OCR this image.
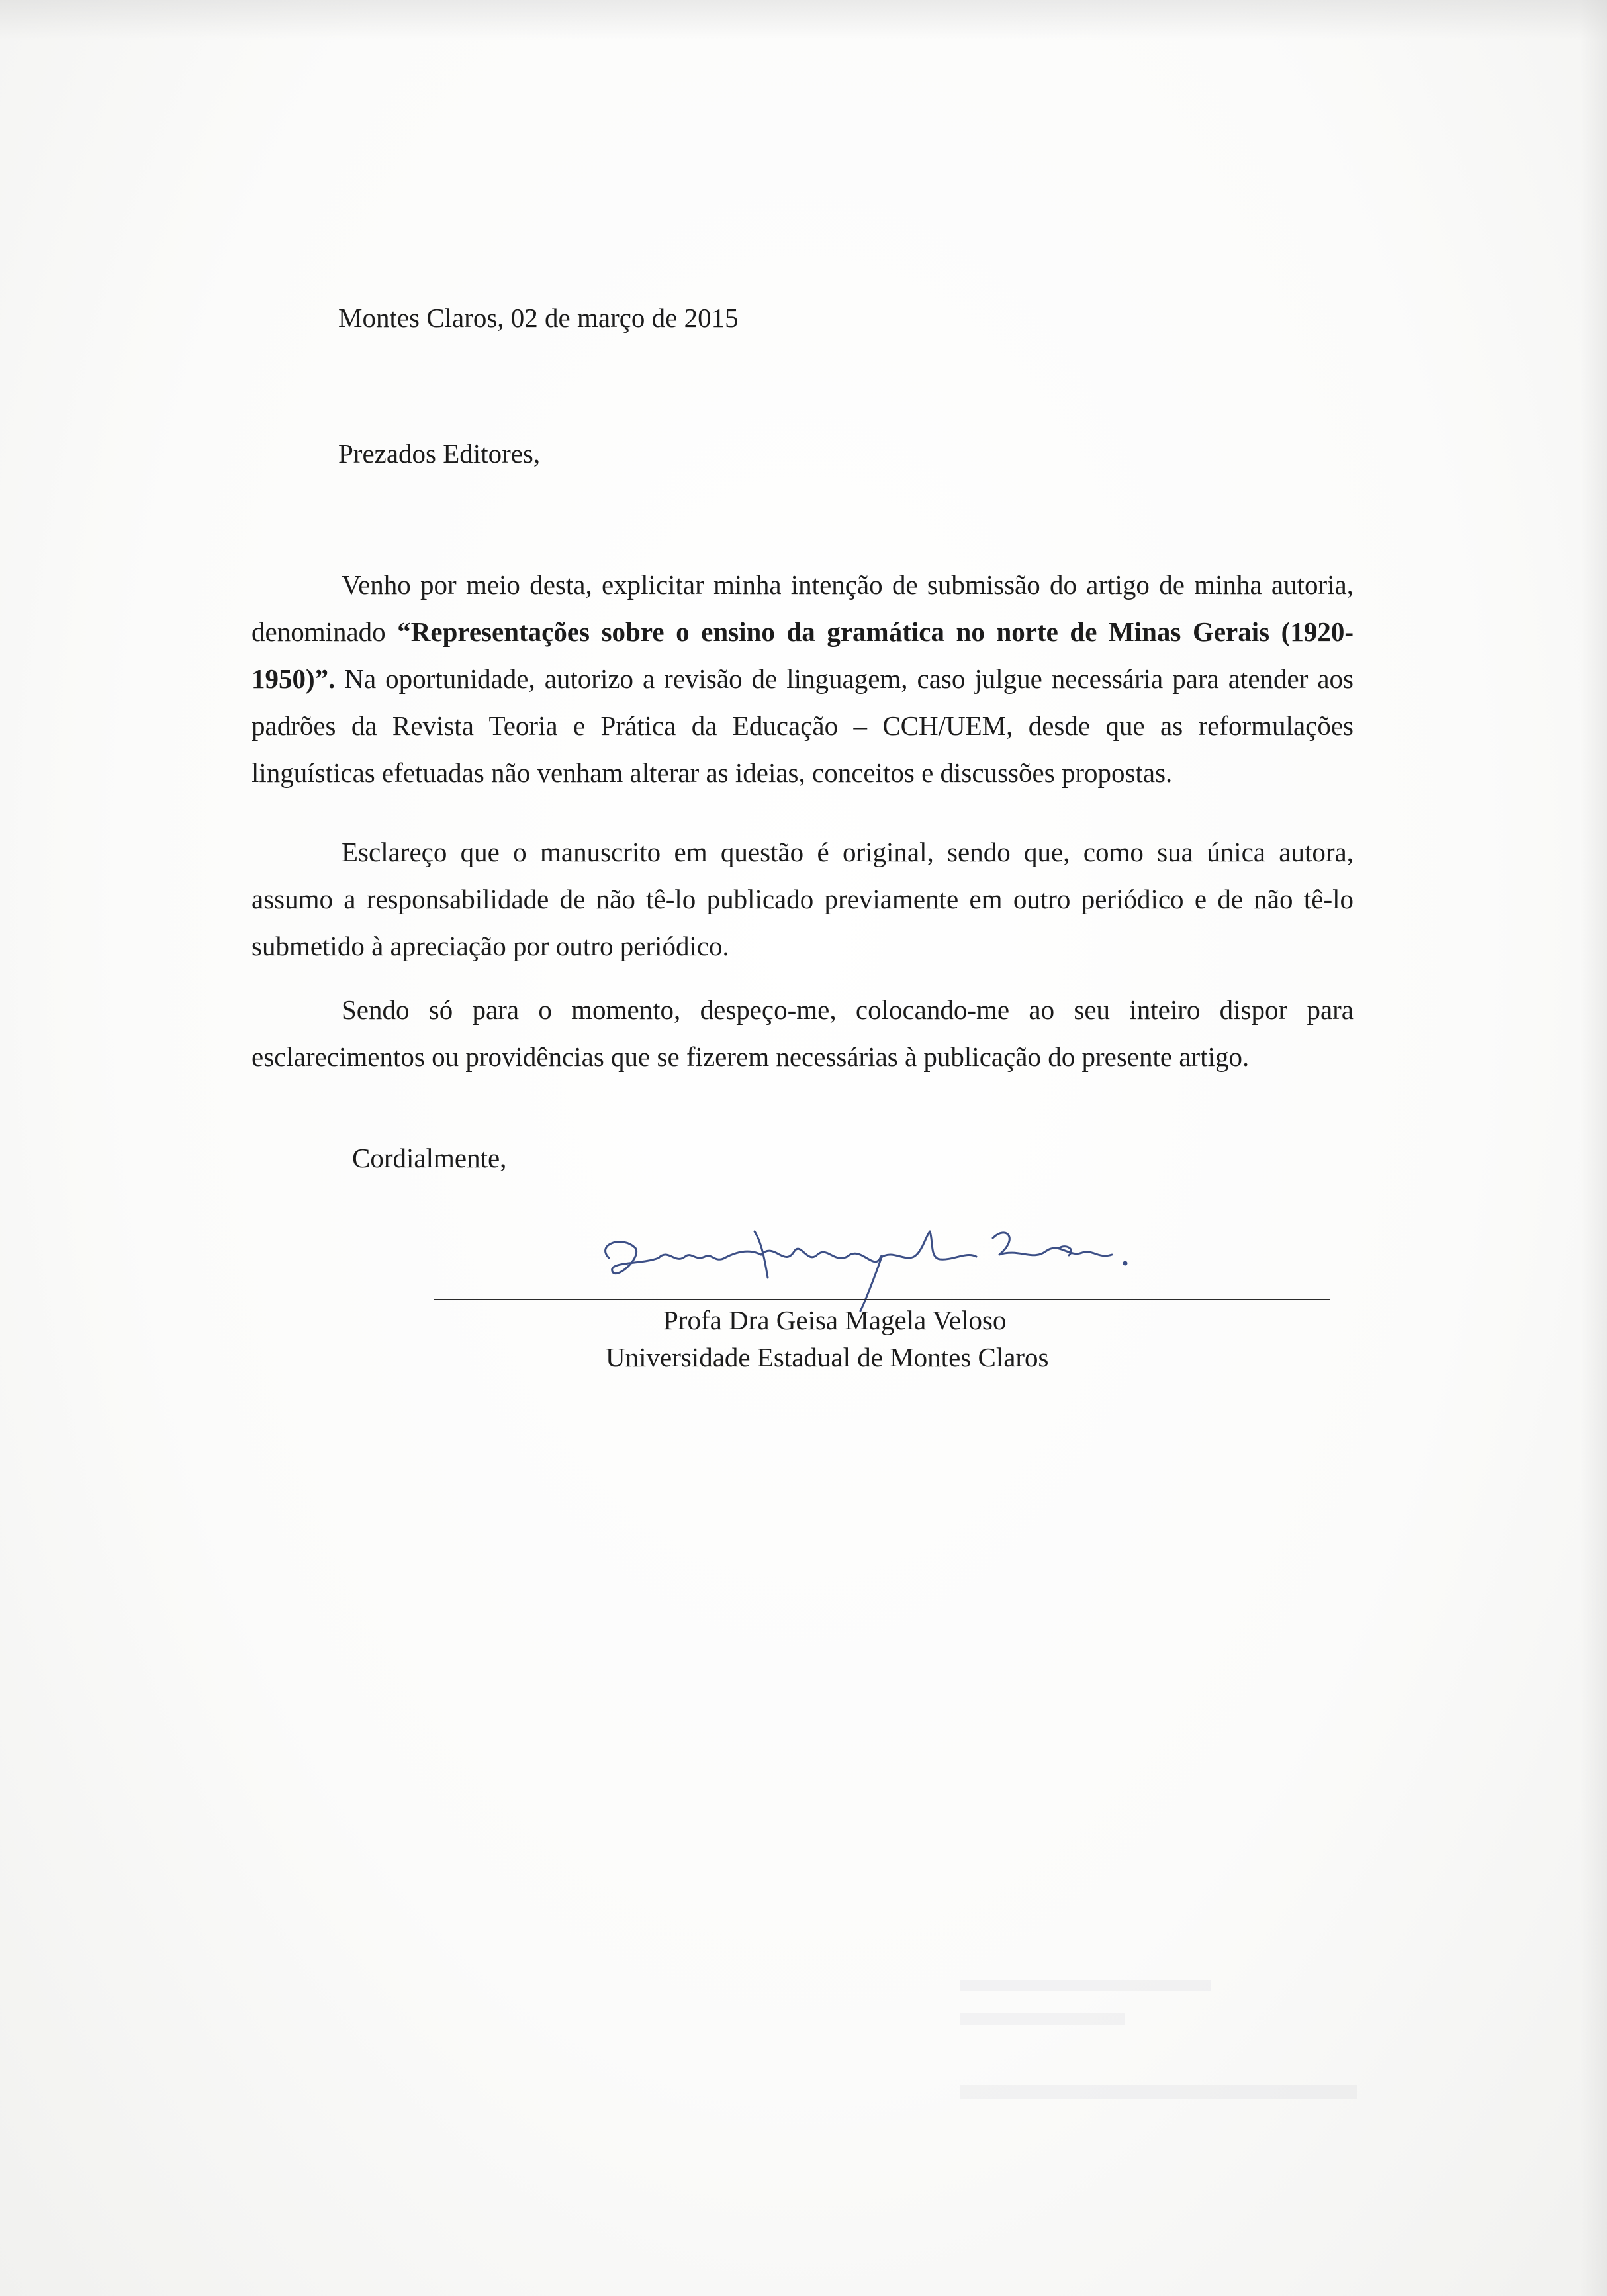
Montes Claros, 02 de março de 2015
Prezados Editores,
Venho por meio desta, explicitar minha intenção de submissão do artigo de minha autoria, denominado “Representações sobre o ensino da gramática no norte de Minas Gerais (1920-1950)”. Na oportunidade, autorizo a revisão de linguagem, caso julgue necessária para atender aos padrões da Revista Teoria e Prática da Educação – CCH/UEM, desde que as reformulações linguísticas efetuadas não venham alterar as ideias, conceitos e discussões propostas.
Esclareço que o manuscrito em questão é original, sendo que, como sua única autora, assumo a responsabilidade de não tê-lo publicado previamente em outro periódico e de não tê-lo submetido à apreciação por outro periódico.
Sendo só para o momento, despeço-me, colocando-me ao seu inteiro dispor para esclarecimentos ou providências que se fizerem necessárias à publicação do presente artigo.
Cordialmente,
Profa Dra Geisa Magela Veloso
Universidade Estadual de Montes Claros
